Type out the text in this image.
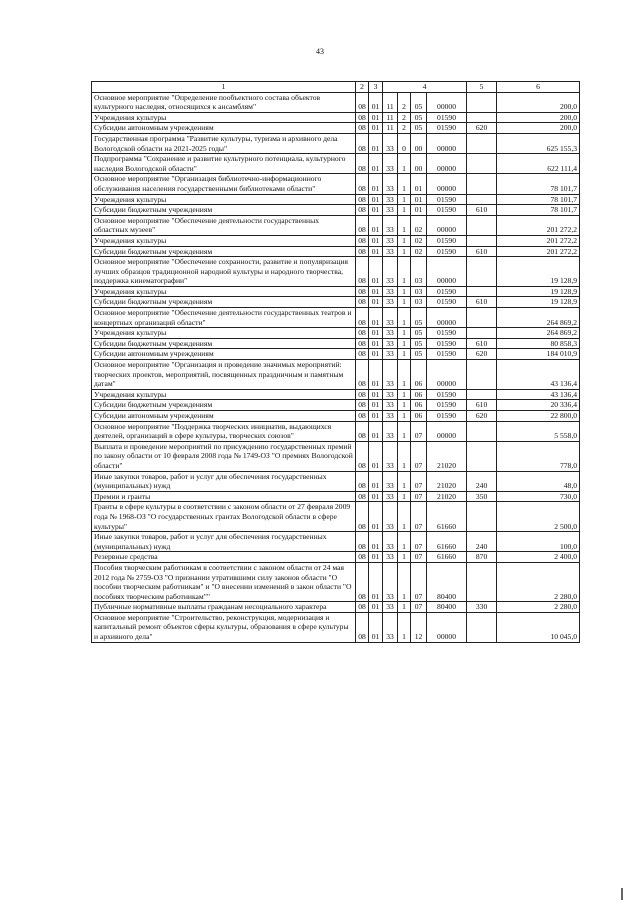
43
1	2	3	4				5	6
Основное мероприятие "Определение пообъектного состава объектов культурного наследия, относящихся к ансамблям"	08	01	11	2	05	00000		200,0
Учреждения культуры	08	01	11	2	05	01590		200,0
Субсидии автономным учреждениям	08	01	11	2	05	01590	620	200,0
Государственная программа "Развитие культуры, туризма и архивного дела Вологодской области на 2021-2025 годы"	08	01	33	0	00	00000		625 155,3
Подпрограмма "Сохранение и развитие культурного потенциала, культурного наследия Вологодской области"	08	01	33	1	00	00000		622 111,4
Основное мероприятие "Организация библиотечно-информационного обслуживания населения государственными библиотеками области"	08	01	33	1	01	00000		78 101,7
Учреждения культуры	08	01	33	1	01	01590		78 101,7
Субсидии бюджетным учреждениям	08	01	33	1	01	01590	610	78 101,7
Основное мероприятие "Обеспечение деятельности государственных областных музеев"	08	01	33	1	02	00000		201 272,2
Учреждения культуры	08	01	33	1	02	01590		201 272,2
Субсидии бюджетным учреждениям	08	01	33	1	02	01590	610	201 272,2
Основное мероприятие "Обеспечение сохранности, развитие и популяризация лучших образцов традиционной народной культуры и народного творчества, поддержка кинематографии"	08	01	33	1	03	00000		19 128,9
Учреждения культуры	08	01	33	1	03	01590		19 128,9
Субсидии бюджетным учреждениям	08	01	33	1	03	01590	610	19 128,9
Основное мероприятие "Обеспечение деятельности государственных театров и концертных организаций области"	08	01	33	1	05	00000		264 869,2
Учреждения культуры	08	01	33	1	05	01590		264 869,2
Субсидии бюджетным учреждениям	08	01	33	1	05	01590	610	80 858,3
Субсидии автономным учреждениям	08	01	33	1	05	01590	620	184 010,9
Основное мероприятие "Организация и проведение значимых мероприятий: творческих проектов, мероприятий, посвященных праздничным и памятным датам"	08	01	33	1	06	00000		43 136,4
Учреждения культуры	08	01	33	1	06	01590		43 136,4
Субсидии бюджетным учреждениям	08	01	33	1	06	01590	610	20 336,4
Субсидии автономным учреждениям	08	01	33	1	06	01590	620	22 800,0
Основное мероприятие "Поддержка творческих инициатив, выдающихся деятелей, организаций в сфере культуры, творческих союзов"	08	01	33	1	07	00000		5 558,0
Выплата и проведение мероприятий по присуждению государственных премий по закону области от 10 февраля 2008 года № 1749-ОЗ "О премиях Вологодской области"	08	01	33	1	07	21020		778,0
Иные закупки товаров, работ и услуг для обеспечения государственных (муниципальных) нужд	08	01	33	1	07	21020	240	48,0
Премии и гранты	08	01	33	1	07	21020	350	730,0
Гранты в сфере культуры в соответствии с законом области от 27 февраля 2009 года № 1968-ОЗ "О государственных грантах Вологодской области в сфере культуры"	08	01	33	1	07	61660		2 500,0
Иные закупки товаров, работ и услуг для обеспечения государственных (муниципальных) нужд	08	01	33	1	07	61660	240	100,0
Резервные средства	08	01	33	1	07	61660	870	2 400,0
Пособия творческим работникам в соответствии с законом области от 24 мая 2012 года № 2759-ОЗ "О признании утратившими силу законов области "О пособии творческим работникам" и "О внесении изменений в закон области "О пособиях творческим работникам""	08	01	33	1	07	80400		2 280,0
Публичные нормативные выплаты гражданам несоциального характера	08	01	33	1	07	80400	330	2 280,0
Основное мероприятие "Строительство, реконструкция, модернизация и капитальный ремонт объектов сферы культуры, образования в сфере культуры и архивного дела"	08	01	33	1	12	00000		10 045,0
